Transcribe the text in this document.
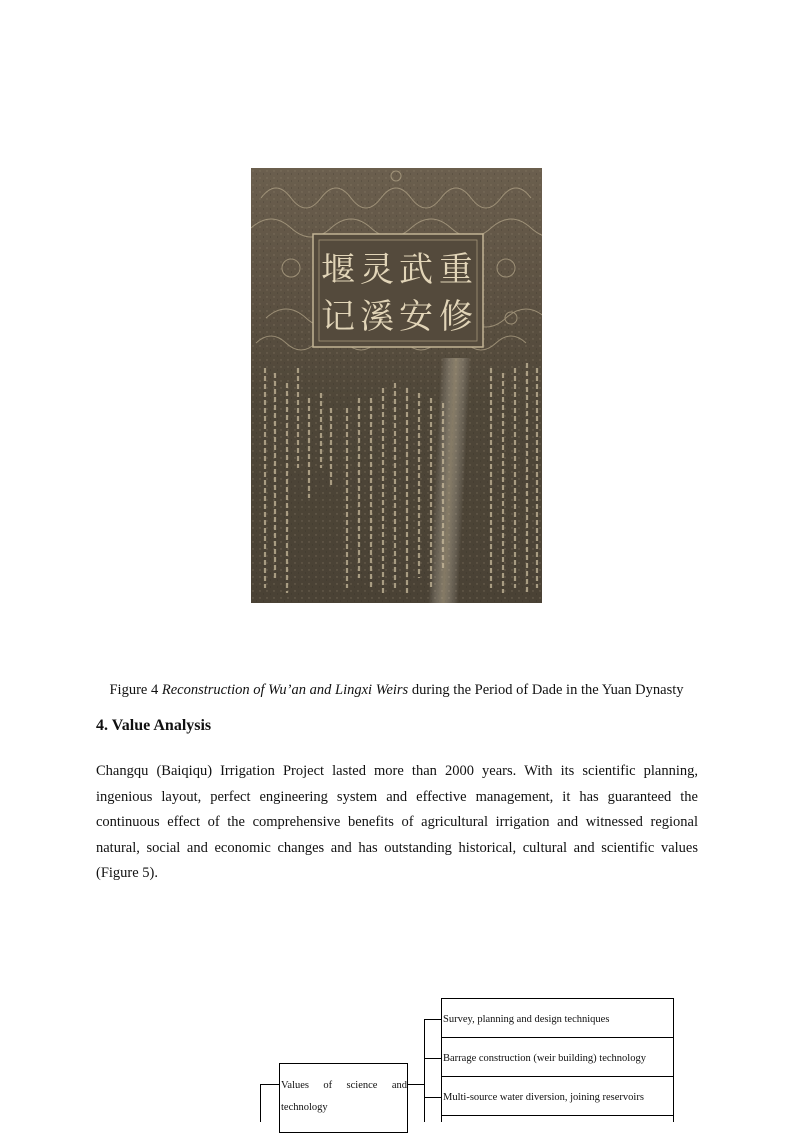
重
修
武
安
灵
溪
堰
记
Figure 4 Reconstruction of Wu’an and Lingxi Weirs during the Period of Dade in the Yuan Dynasty
4. Value Analysis
Changqu (Baiqiqu) Irrigation Project lasted more than 2000 years. With its scientific planning, ingenious layout, perfect engineering system and effective management, it has guaranteed the continuous effect of the comprehensive benefits of agricultural irrigation and witnessed regional natural, social and economic changes and has outstanding historical, cultural and scientific values (Figure 5).
Values of science and technology
Survey, planning and design techniques
Barrage construction (weir building) technology
Multi-source water diversion, joining reservoirs
